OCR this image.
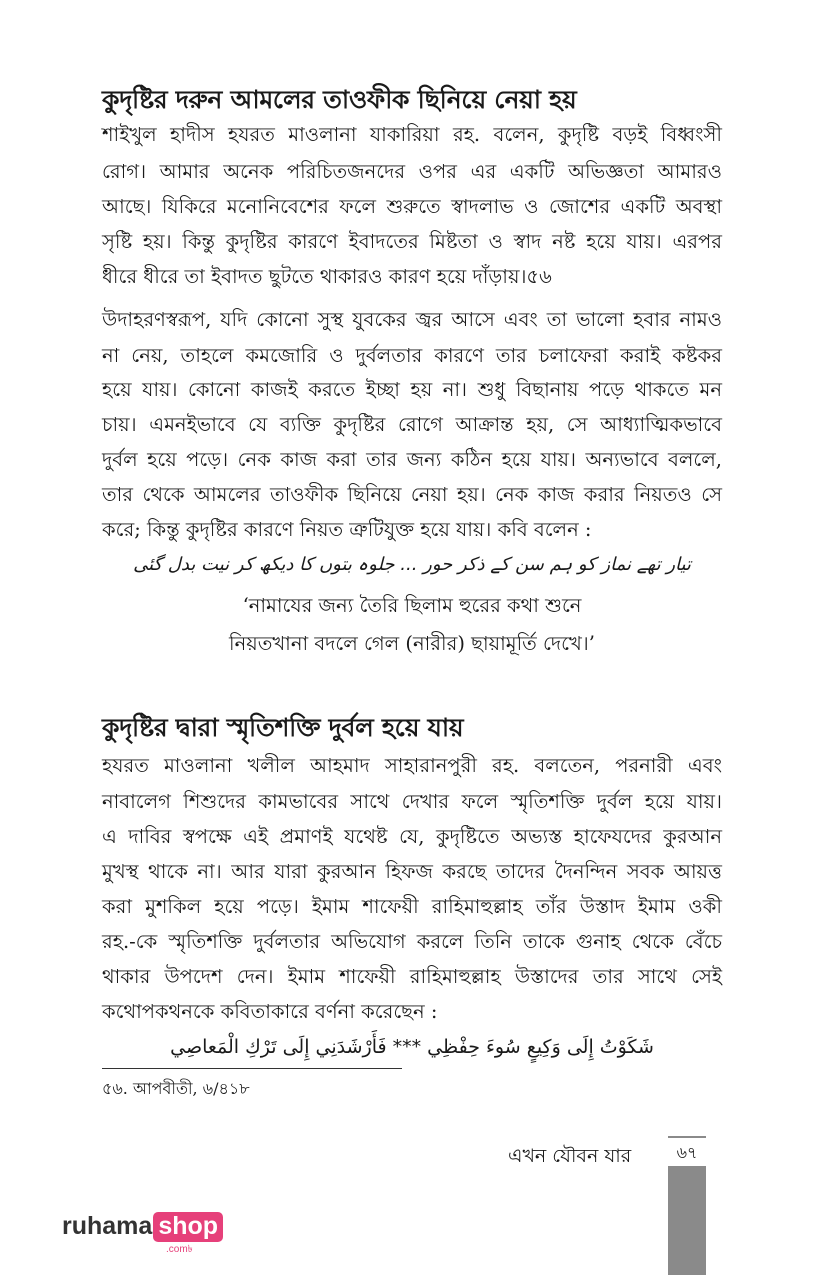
কুদৃষ্টির দরুন আমলের তাওফীক ছিনিয়ে নেয়া হয়
শাইখুল হাদীস হযরত মাওলানা যাকারিয়া রহ. বলেন, কুদৃষ্টি বড়ই বিধ্বংসী
রোগ। আমার অনেক পরিচিতজনদের ওপর এর একটি অভিজ্ঞতা আমারও
আছে। যিকিরে মনোনিবেশের ফলে শুরুতে স্বাদলাভ ও জোশের একটি অবস্থা
সৃষ্টি হয়। কিন্তু কুদৃষ্টির কারণে ইবাদতের মিষ্টতা ও স্বাদ নষ্ট হয়ে যায়। এরপর
ধীরে ধীরে তা ইবাদত ছুটতে থাকারও কারণ হয়ে দাঁড়ায়।৫৬
উদাহরণস্বরূপ, যদি কোনো সুস্থ যুবকের জ্বর আসে এবং তা ভালো হবার নামও
না নেয়, তাহলে কমজোরি ও দুর্বলতার কারণে তার চলাফেরা করাই কষ্টকর
হয়ে যায়। কোনো কাজই করতে ইচ্ছা হয় না। শুধু বিছানায় পড়ে থাকতে মন
চায়। এমনইভাবে যে ব্যক্তি কুদৃষ্টির রোগে আক্রান্ত হয়, সে আধ্যাত্মিকভাবে
দুর্বল হয়ে পড়ে। নেক কাজ করা তার জন্য কঠিন হয়ে যায়। অন্যভাবে বললে,
তার থেকে আমলের তাওফীক ছিনিয়ে নেয়া হয়। নেক কাজ করার নিয়তও সে
করে; কিন্তু কুদৃষ্টির কারণে নিয়ত ত্রুটিযুক্ত হয়ে যায়। কবি বলেন :
تیار تھے نماز کو ہم سن کے ذکر حور ... جلوہ بتوں کا دیکھ کر نیت بدل گئی
‘নামাযের জন্য তৈরি ছিলাম হুরের কথা শুনে
নিয়তখানা বদলে গেল (নারীর) ছায়ামূর্তি দেখে।’
কুদৃষ্টির দ্বারা স্মৃতিশক্তি দুর্বল হয়ে যায়
হযরত মাওলানা খলীল আহমাদ সাহারানপুরী রহ. বলতেন, পরনারী এবং
নাবালেগ শিশুদের কামভাবের সাথে দেখার ফলে স্মৃতিশক্তি দুর্বল হয়ে যায়।
এ দাবির স্বপক্ষে এই প্রমাণই যথেষ্ট যে, কুদৃষ্টিতে অভ্যস্ত হাফেযদের কুরআন
মুখস্থ থাকে না। আর যারা কুরআন হিফজ করছে তাদের দৈনন্দিন সবক আয়ত্ত
করা মুশকিল হয়ে পড়ে। ইমাম শাফেয়ী রাহিমাহুল্লাহ তাঁর উস্তাদ ইমাম ওকী
রহ.-কে স্মৃতিশক্তি দুর্বলতার অভিযোগ করলে তিনি তাকে গুনাহ থেকে বেঁচে
থাকার উপদেশ দেন। ইমাম শাফেয়ী রাহিমাহুল্লাহ উস্তাদের তার সাথে সেই
কথোপকথনকে কবিতাকারে বর্ণনা করেছেন :
شَكَوْتُ إِلَى وَكِيعٍ سُوءَ حِفْظِي *** فَأَرْشَدَنِي إِلَى تَرْكِ الْمَعاصِي
৫৬. আপবীতী, ৬/৪১৮
এখন যৌবন যার	৬৭
ruhama shop
.com৳
